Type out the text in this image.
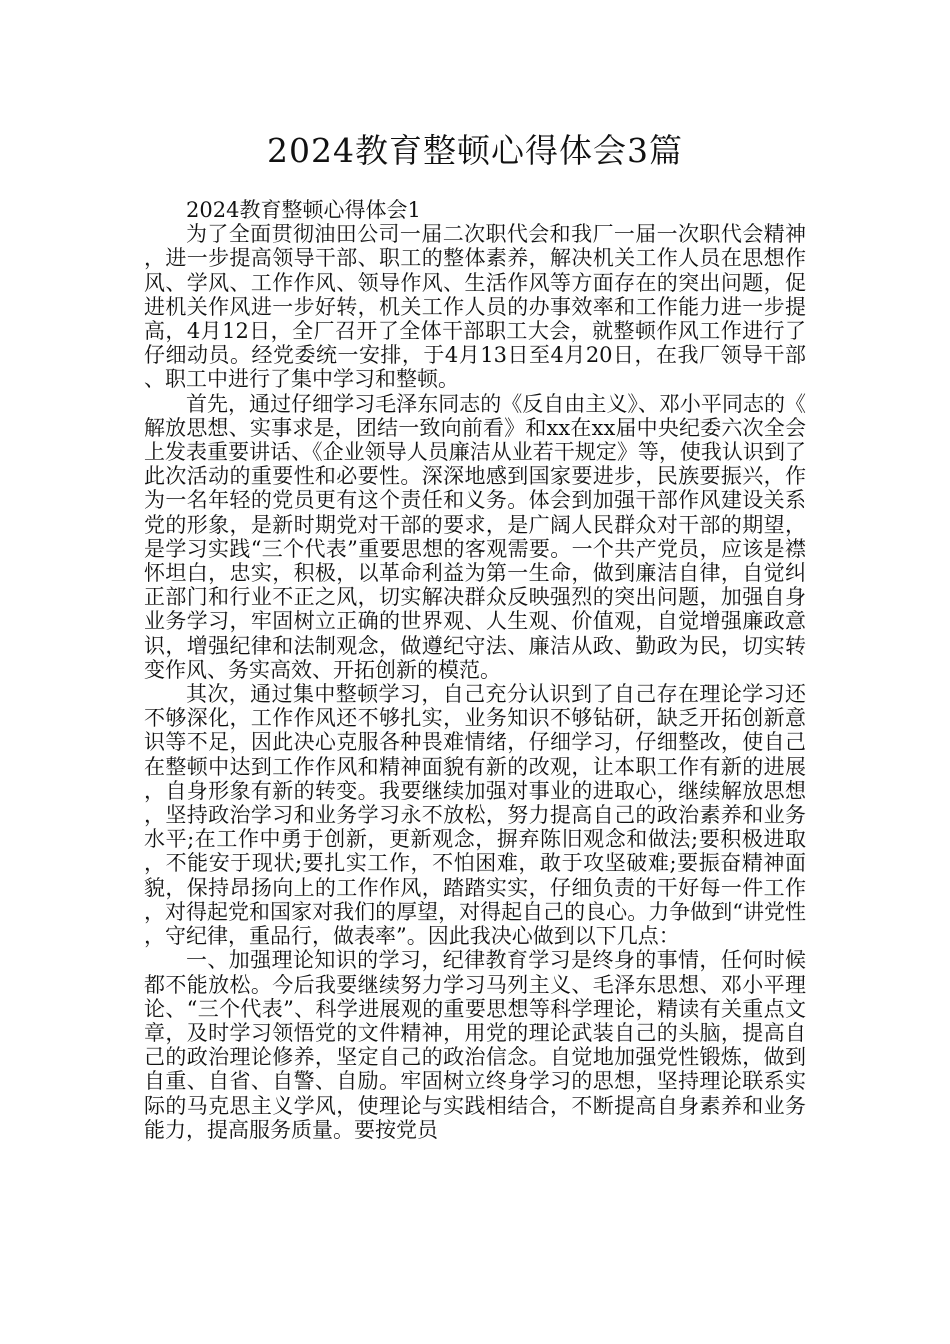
2024教育整顿心得体会3篇

2024教育整顿心得体会1

为了全面贯彻油田公司一届二次职代会和我厂一届一次职代会精神，进一步提高领导干部、职工的整体素养，解决机关工作人员在思想作风、学风、工作作风、领导作风、生活作风等方面存在的突出问题，促进机关作风进一步好转，机关工作人员的办事效率和工作能力进一步提高，4月12日，全厂召开了全体干部职工大会，就整顿作风工作进行了仔细动员。经党委统一安排，于4月13日至4月20日，在我厂领导干部、职工中进行了集中学习和整顿。

首先，通过仔细学习毛泽东同志的《反自由主义》、邓小平同志的《解放思想、实事求是，团结一致向前看》和xx在xx届中央纪委六次全会上发表重要讲话、《企业领导人员廉洁从业若干规定》等，使我认识到了此次活动的重要性和必要性。深深地感到国家要进步，民族要振兴，作为一名年轻的党员更有这个责任和义务。体会到加强干部作风建设关系党的形象，是新时期党对干部的要求，是广阔人民群众对干部的期望，是学习实践“三个代表”重要思想的客观需要。一个共产党员，应该是襟怀坦白，忠实，积极，以革命利益为第一生命，做到廉洁自律，自觉纠正部门和行业不正之风，切实解决群众反映强烈的突出问题，加强自身业务学习，牢固树立正确的世界观、人生观、价值观，自觉增强廉政意识，增强纪律和法制观念，做遵纪守法、廉洁从政、勤政为民，切实转变作风、务实高效、开拓创新的模范。

其次，通过集中整顿学习，自己充分认识到了自己存在理论学习还不够深化，工作作风还不够扎实，业务知识不够钻研，缺乏开拓创新意识等不足，因此决心克服各种畏难情绪，仔细学习，仔细整改，使自己在整顿中达到工作作风和精神面貌有新的改观，让本职工作有新的进展，自身形象有新的转变。我要继续加强对事业的进取心，继续解放思想，坚持政治学习和业务学习永不放松，努力提高自己的政治素养和业务水平;在工作中勇于创新，更新观念，摒弃陈旧观念和做法;要积极进取，不能安于现状;要扎实工作，不怕困难，敢于攻坚破难;要振奋精神面貌，保持昂扬向上的工作作风，踏踏实实，仔细负责的干好每一件工作，对得起党和国家对我们的厚望，对得起自己的良心。力争做到“讲党性，守纪律，重品行，做表率”。因此我决心做到以下几点：

一、加强理论知识的学习，纪律教育学习是终身的事情，任何时候都不能放松。今后我要继续努力学习马列主义、毛泽东思想、邓小平理论、“三个代表”、科学进展观的重要思想等科学理论，精读有关重点文章，及时学习领悟党的文件精神，用党的理论武装自己的头脑，提高自己的政治理论修养，坚定自己的政治信念。自觉地加强党性锻炼，做到自重、自省、自警、自励。牢固树立终身学习的思想，坚持理论联系实际的马克思主义学风，使理论与实践相结合，不断提高自身素养和业务能力，提高服务质量。要按党员
